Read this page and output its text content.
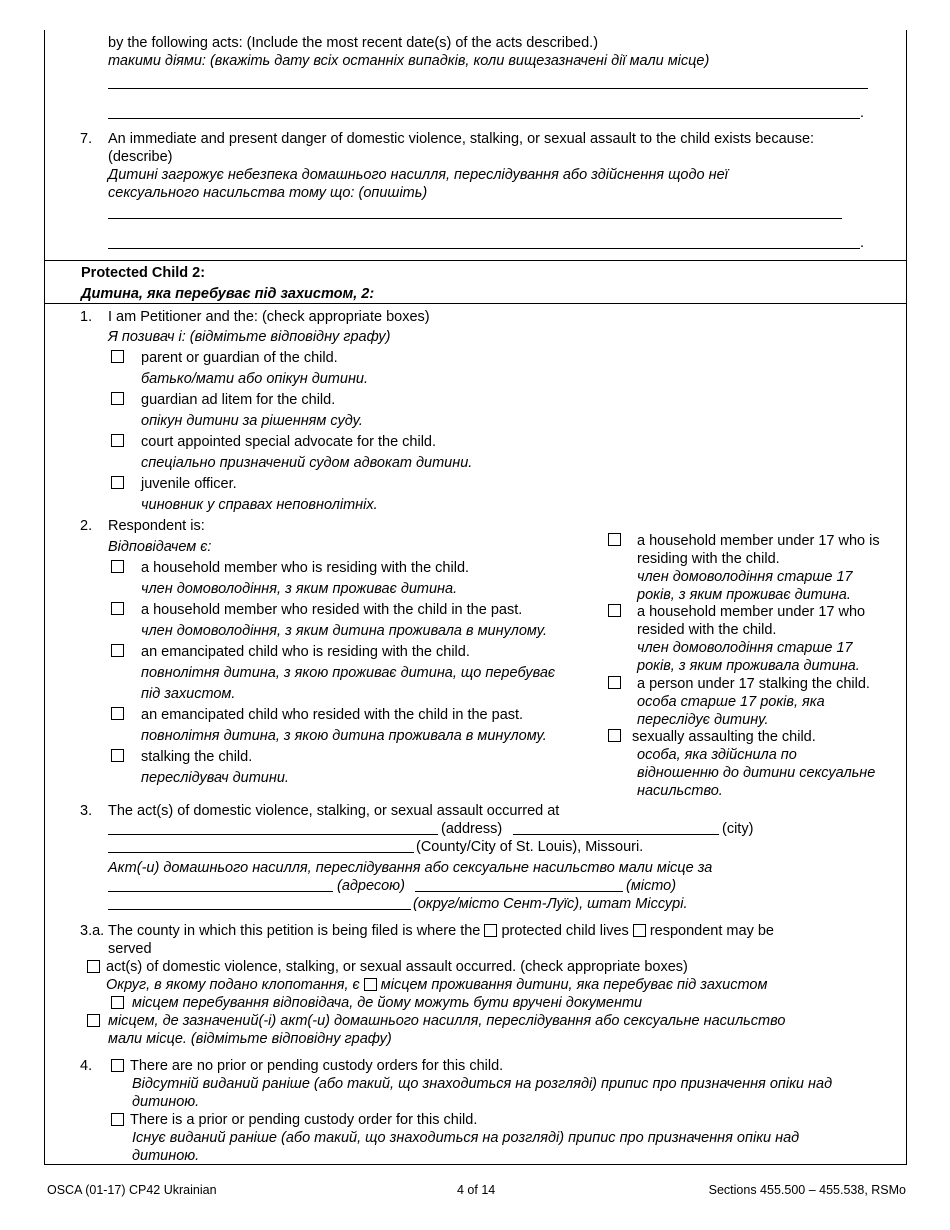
by the following acts: (Include the most recent date(s) of the acts described.)
такими діями: (вкажіть дату всіх останніх випадків, коли вищезазначені дії мали місце)
.
7. An immediate and present danger of domestic violence, stalking, or sexual assault to the child exists because:
(describe)
Дитині загрожує небезпека домашнього насилля, переслідування або здійснення щодо неї
сексуального насильства тому що: (опишіть)
.
Protected Child 2:
Дитина, яка перебуває під захистом, 2:
1. I am Petitioner and the: (check appropriate boxes)
Я позивач і: (відмітьте відповідну графу)
parent or guardian of the child.
батько/мати або опікун дитини.
guardian ad litem for the child.
опікун дитини за рішенням суду.
court appointed special advocate for the child.
спеціально призначений судом адвокат дитини.
juvenile officer.
чиновник у справах неповнолітніх.
2. Respondent is:
Відповідачем є:
a household member who is residing with the child.
член домоволодіння, з яким проживає дитина.
a household member who resided with the child in the past.
член домоволодіння, з яким дитина проживала в минулому.
an emancipated child who is residing with the child.
повнолітня дитина, з якою проживає дитина, що перебуває
під захистом.
an emancipated child who resided with the child in the past.
повнолітня дитина, з якою дитина проживала в минулому.
stalking the child.
переслідувач дитини.
a household member under 17 who is
residing with the child.
член домоволодіння старше 17
років, з яким проживає дитина.
a household member under 17 who
resided with the child.
член домоволодіння старше 17
років, з яким проживала дитина.
a person under 17 stalking the child.
особа старше 17 років, яка
переслідує дитину.
sexually assaulting the child.
особа, яка здійснила по
відношенню до дитини сексуальне
насильство.
3. The act(s) of domestic violence, stalking, or sexual assault occurred at
(address)	(city)
(County/City of St. Louis), Missouri.
Акт(-и) домашнього насилля, переслідування або сексуальне насильство мали місце за
(адресою)	(місто)
(округ/місто Сент-Луїс), штат Міссурі.
3.a. The county in which this petition is being filed is where the protected child lives respondent may be
served
act(s) of domestic violence, stalking, or sexual assault occurred. (check appropriate boxes)
Округ, в якому подано клопотання, є місцем проживання дитини, яка перебуває під захистом
місцем перебування відповідача, де йому можуть бути вручені документи
місцем, де зазначений(-і) акт(-и) домашнього насилля, переслідування або сексуальне насильство
мали місце. (відмітьте відповідну графу)
4.	There are no prior or pending custody orders for this child.
Відсутній виданий раніше (або такий, що знаходиться на розгляді) припис про призначення опіки над
дитиною.
There is a prior or pending custody order for this child.
Існує виданий раніше (або такий, що знаходиться на розгляді) припис про призначення опіки над
дитиною.
OSCA (01-17) CP42 Ukrainian	4 of 14	Sections 455.500 – 455.538, RSMo
